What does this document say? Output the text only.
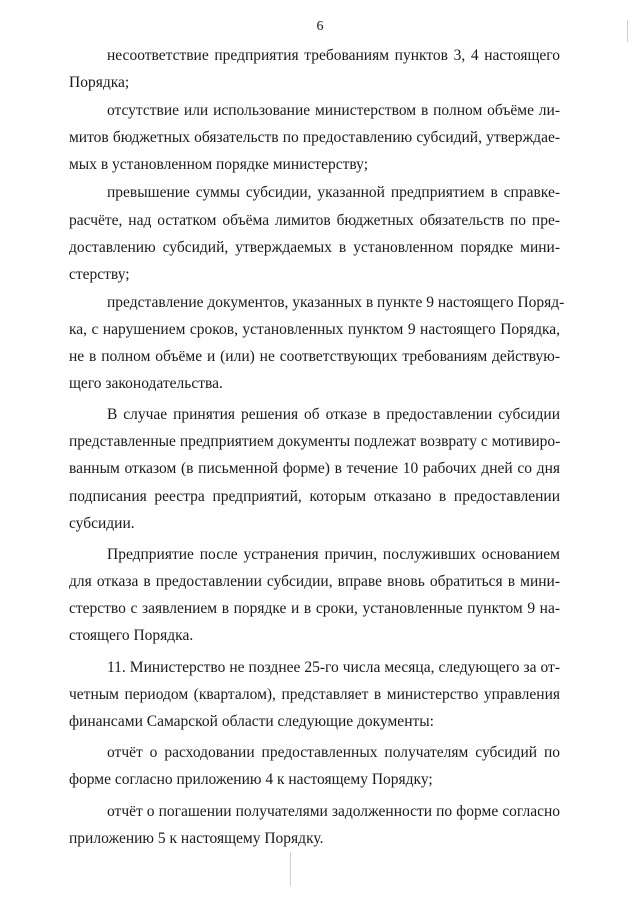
6
несоответствие предприятия требованиям пунктов 3, 4 настоящего
Порядка;
отсутствие или использование министерством в полном объёме ли-
митов бюджетных обязательств по предоставлению субсидий, утверждае-
мых в установленном порядке министерству;
превышение суммы субсидии, указанной предприятием в справке-
расчёте, над остатком объёма лимитов бюджетных обязательств по пре-
доставлению субсидий, утверждаемых в установленном порядке мини-
стерству;
представление документов, указанных в пункте 9 настоящего Поряд-
ка, с нарушением сроков, установленных пунктом 9 настоящего Порядка,
не в полном объёме и (или) не соответствующих требованиям действую-
щего законодательства.
В случае принятия решения об отказе в предоставлении субсидии
представленные предприятием документы подлежат возврату с мотивиро-
ванным отказом (в письменной форме) в течение 10 рабочих дней со дня
подписания реестра предприятий, которым отказано в предоставлении
субсидии.
Предприятие после устранения причин, послуживших основанием
для отказа в предоставлении субсидии, вправе вновь обратиться в мини-
стерство с заявлением в порядке и в сроки, установленные пунктом 9 на-
стоящего Порядка.
11. Министерство не позднее 25-го числа месяца, следующего за от-
четным периодом (кварталом), представляет в министерство управления
финансами Самарской области следующие документы:
отчёт о расходовании предоставленных получателям субсидий по
форме согласно приложению 4 к настоящему Порядку;
отчёт о погашении получателями задолженности по форме согласно
приложению 5 к настоящему Порядку.
